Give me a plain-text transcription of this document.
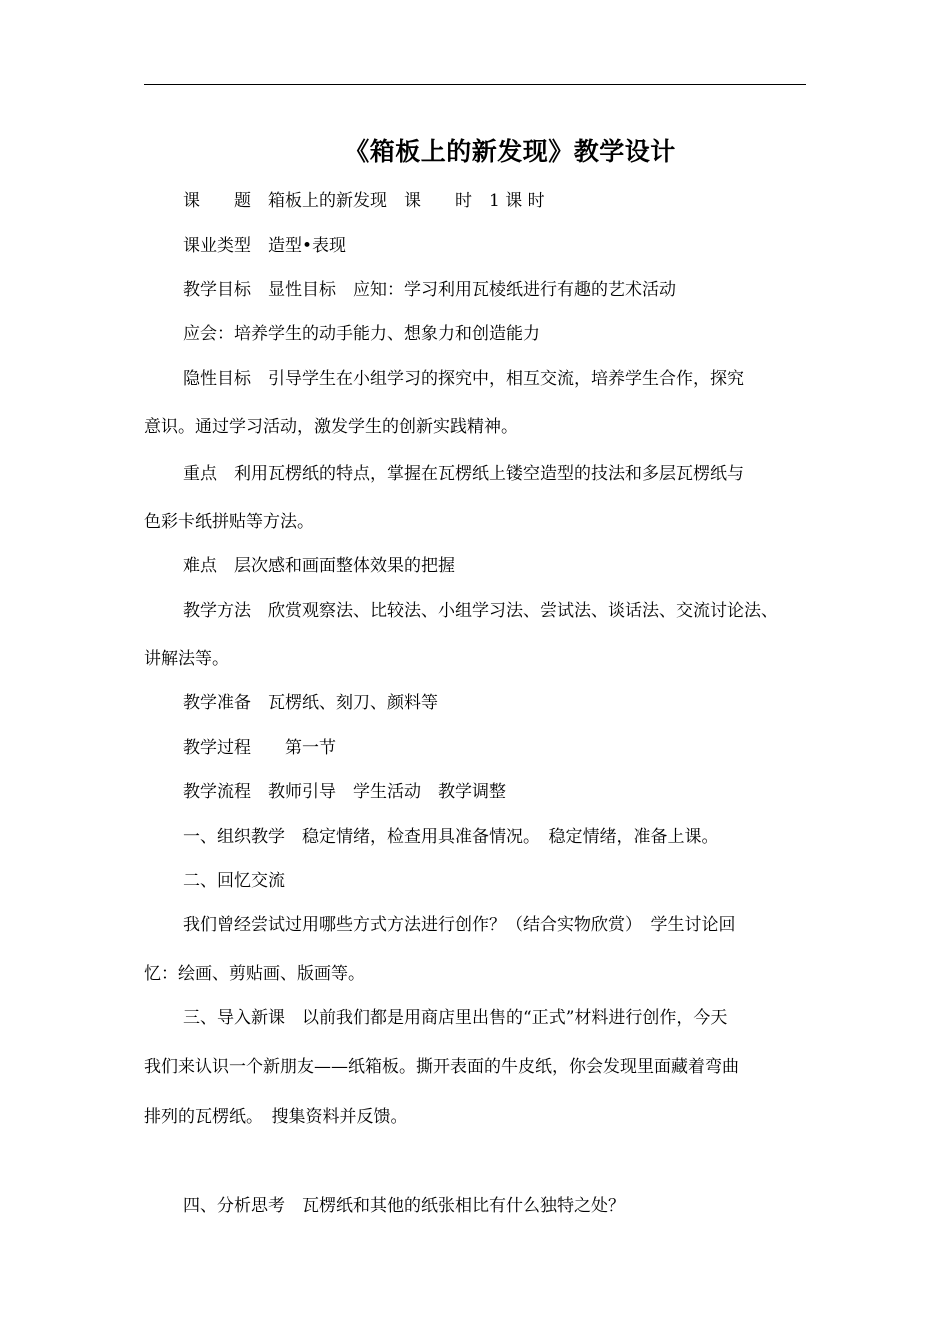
《箱板上的新发现》教学设计
课　　题　箱板上的新发现　课　　时　1 课 时
课业类型　造型•表现
教学目标　显性目标　应知：学习利用瓦棱纸进行有趣的艺术活动
应会：培养学生的动手能力、想象力和创造能力
隐性目标　引导学生在小组学习的探究中，相互交流，培养学生合作，探究
意识。通过学习活动，激发学生的创新实践精神。
重点　利用瓦楞纸的特点，掌握在瓦楞纸上镂空造型的技法和多层瓦楞纸与
色彩卡纸拼贴等方法。
难点　层次感和画面整体效果的把握
教学方法　欣赏观察法、比较法、小组学习法、尝试法、谈话法、交流讨论法、
讲解法等。
教学准备　瓦楞纸、刻刀、颜料等
教学过程　　第一节
教学流程　教师引导　学生活动　教学调整
一、组织教学　稳定情绪，检查用具准备情况。　稳定情绪，准备上课。
二、回忆交流
我们曾经尝试过用哪些方式方法进行创作？（结合实物欣赏）　学生讨论回
忆：绘画、剪贴画、版画等。
三、导入新课　以前我们都是用商店里出售的“正式”材料进行创作，今天
我们来认识一个新朋友——纸箱板。撕开表面的牛皮纸，你会发现里面藏着弯曲
排列的瓦楞纸。　搜集资料并反馈。
四、分析思考　瓦楞纸和其他的纸张相比有什么独特之处？
